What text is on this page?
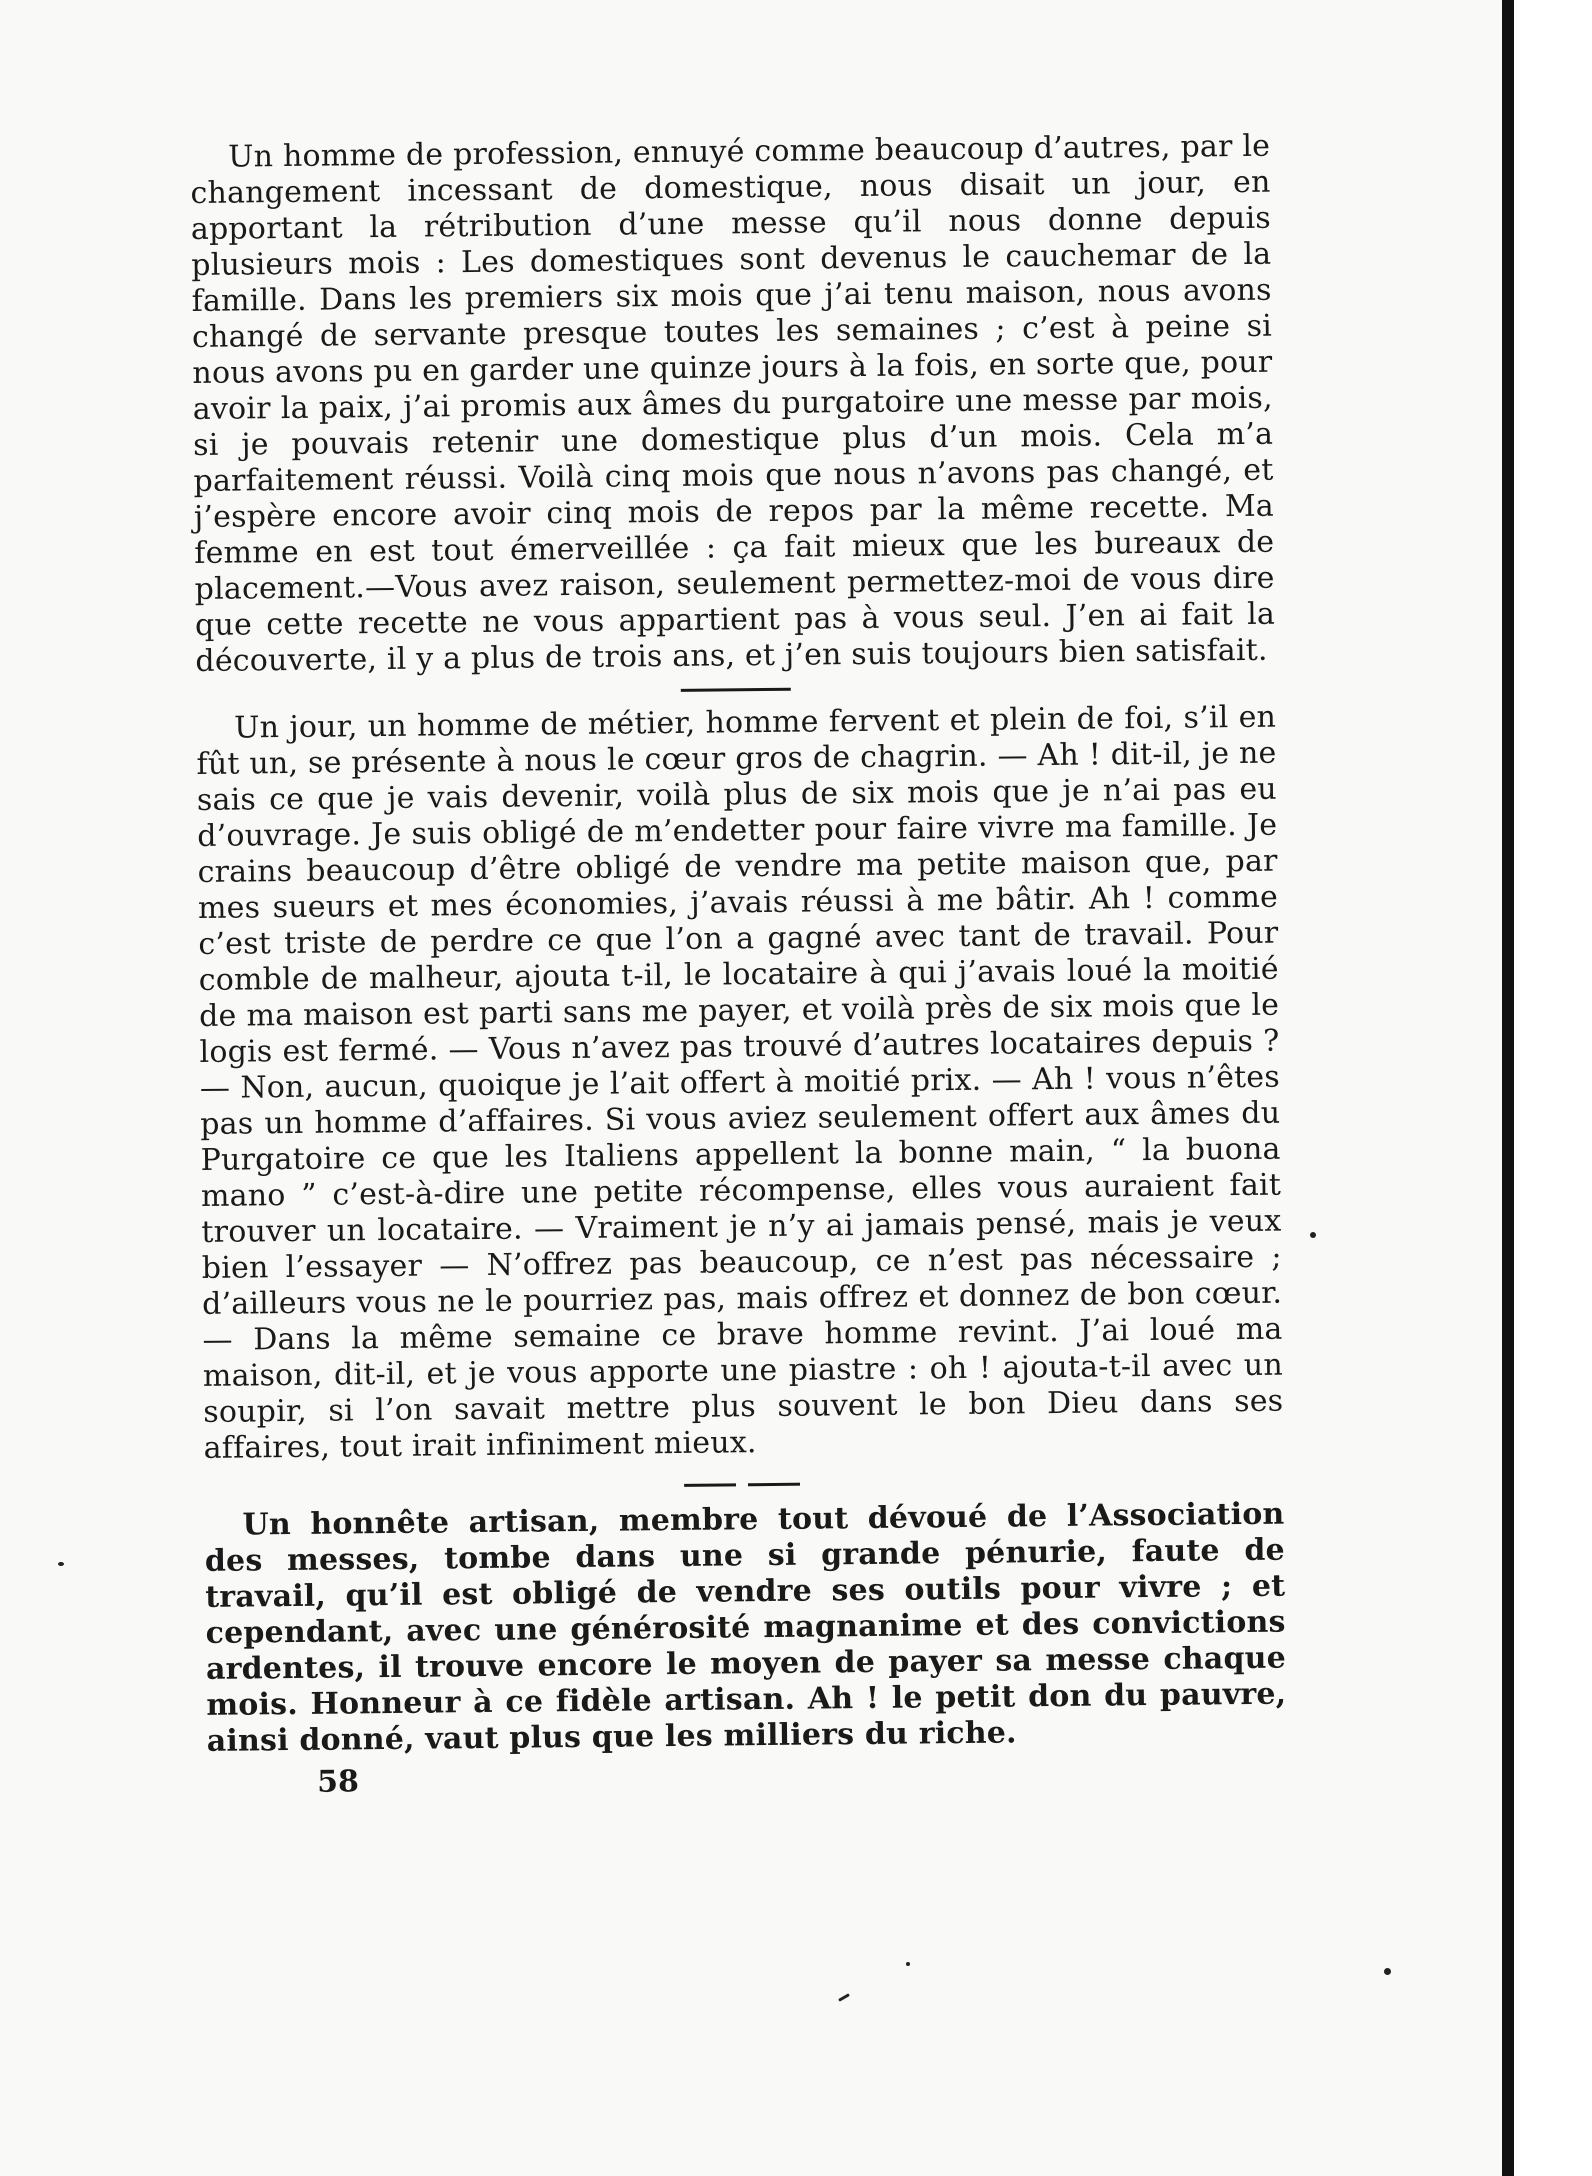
Un homme de profession, ennuyé comme beaucoup d’autres, par le changement incessant de domestique, nous disait un jour, en apportant la rétribution d’une messe qu’il nous donne depuis plusieurs mois : Les domestiques sont devenus le cauchemar de la famille. Dans les premiers six mois que j’ai tenu maison, nous avons changé de servante presque toutes les semaines ; c’est à peine si nous avons pu en garder une quinze jours à la fois, en sorte que, pour avoir la paix, j’ai promis aux âmes du purgatoire une messe par mois, si je pouvais retenir une domestique plus d’un mois. Cela m’a parfaitement réussi. Voilà cinq mois que nous n’avons pas changé, et j’espère encore avoir cinq mois de repos par la même recette. Ma femme en est tout émerveillée : ça fait mieux que les bureaux de placement.—Vous avez raison, seulement permettez-moi de vous dire que cette recette ne vous appartient pas à vous seul. J’en ai fait la découverte, il y a plus de trois ans, et j’en suis toujours bien satisfait.

Un jour, un homme de métier, homme fervent et plein de foi, s’il en fût un, se présente à nous le cœur gros de chagrin. — Ah ! dit-il, je ne sais ce que je vais devenir, voilà plus de six mois que je n’ai pas eu d’ouvrage. Je suis obligé de m’endetter pour faire vivre ma famille. Je crains beaucoup d’être obligé de vendre ma petite maison que, par mes sueurs et mes économies, j’avais réussi à me bâtir. Ah ! comme c’est triste de perdre ce que l’on a gagné avec tant de travail. Pour comble de malheur, ajouta t-il, le locataire à qui j’avais loué la moitié de ma maison est parti sans me payer, et voilà près de six mois que le logis est fermé. — Vous n’avez pas trouvé d’autres locataires depuis ? — Non, aucun, quoique je l’ait offert à moitié prix. — Ah ! vous n’êtes pas un homme d’affaires. Si vous aviez seulement offert aux âmes du Purgatoire ce que les Italiens appellent la bonne main, “ la buona mano ” c’est-à-dire une petite récompense, elles vous auraient fait trouver un locataire. — Vraiment je n’y ai jamais pensé, mais je veux bien l’essayer — N’offrez pas beaucoup, ce n’est pas nécessaire ; d’ailleurs vous ne le pourriez pas, mais offrez et donnez de bon cœur. — Dans la même semaine ce brave homme revint. J’ai loué ma maison, dit-il, et je vous apporte une piastre : oh ! ajouta-t-il avec un soupir, si l’on savait mettre plus souvent le bon Dieu dans ses affaires, tout irait infiniment mieux.

Un honnête artisan, membre tout dévoué de l’Association des messes, tombe dans une si grande pénurie, faute de travail, qu’il est obligé de vendre ses outils pour vivre ; et cependant, avec une générosité magnanime et des convictions ardentes, il trouve encore le moyen de payer sa messe chaque mois. Honneur à ce fidèle artisan. Ah ! le petit don du pauvre, ainsi donné, vaut plus que les milliers du riche.

58
